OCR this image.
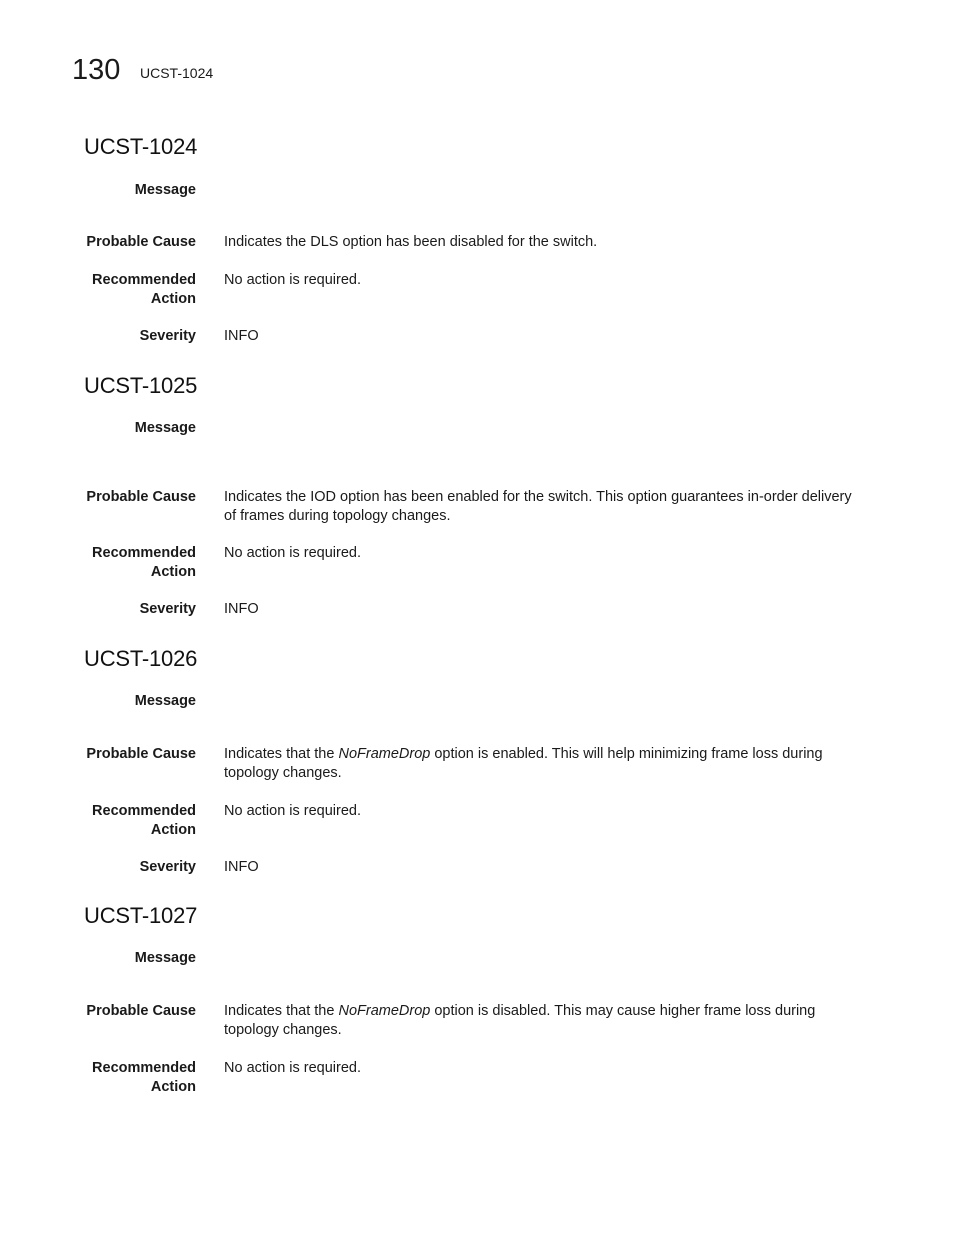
130 UCST-1024
UCST-1024
Message
Probable Cause Indicates the DLS option has been disabled for the switch.
Recommended
Action
No action is required.
Severity INFO
UCST-1025
Message
Probable Cause Indicates the IOD option has been enabled for the switch. This option guarantees in-order delivery
of frames during topology changes.
Recommended
Action
No action is required.
Severity INFO
UCST-1026
Message
Probable Cause Indicates that the NoFrameDrop option is enabled. This will help minimizing frame loss during
topology changes.
Recommended
Action
No action is required.
Severity INFO
UCST-1027
Message
Probable Cause Indicates that the NoFrameDrop option is disabled. This may cause higher frame loss during
topology changes.
Recommended
Action
No action is required.
